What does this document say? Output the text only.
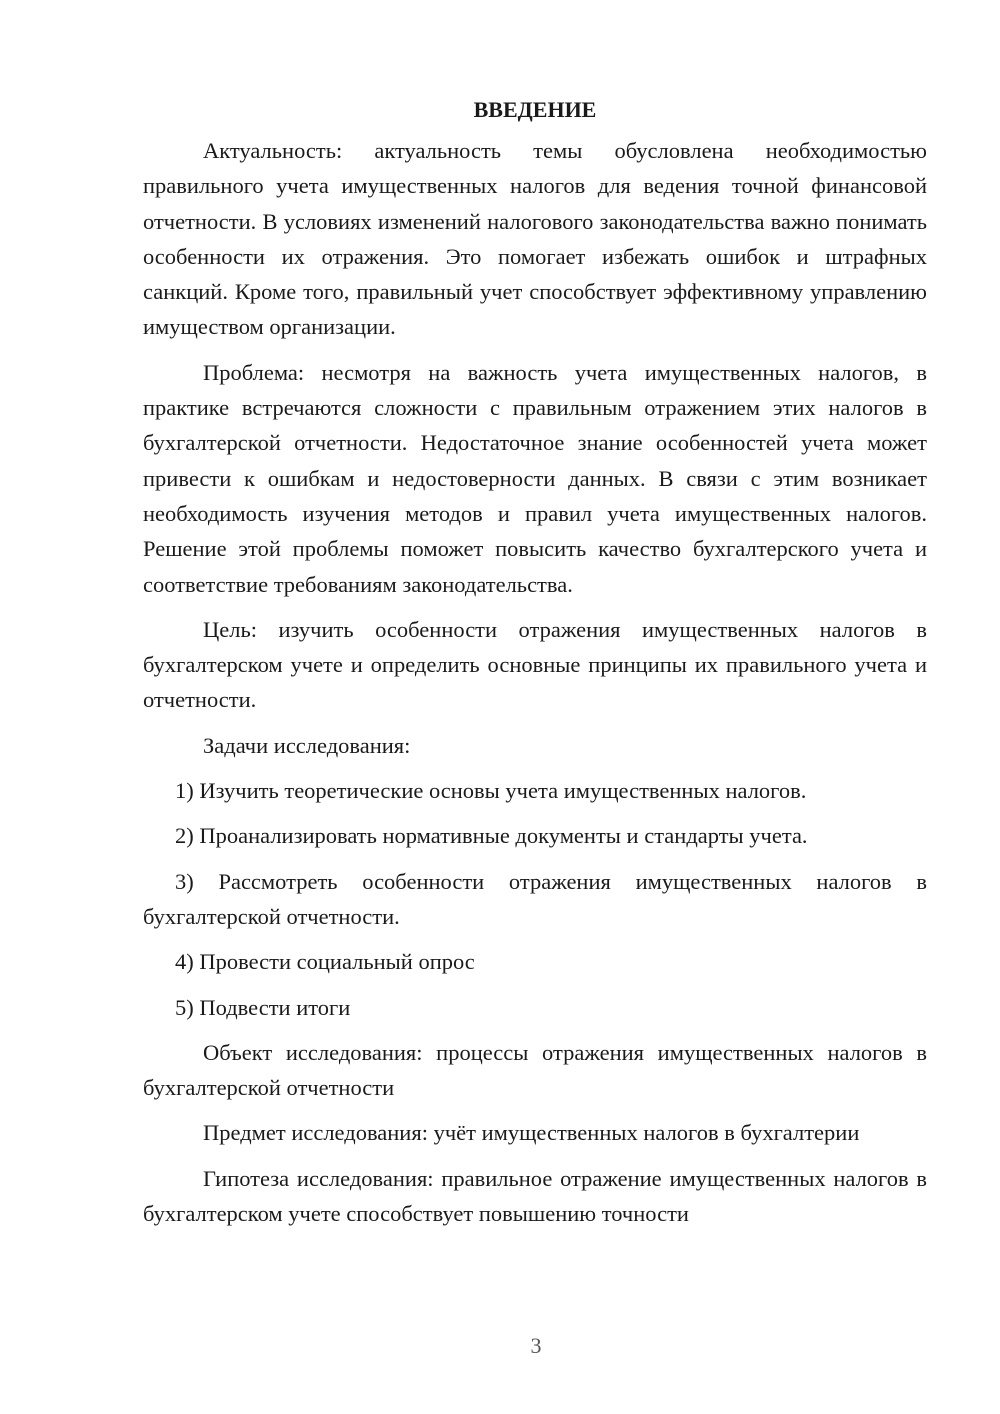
ВВЕДЕНИЕ

Актуальность: актуальность темы обусловлена необходимостью правильного учета имущественных налогов для ведения точной финансовой отчетности. В условиях изменений налогового законодательства важно понимать особенности их отражения. Это помогает избежать ошибок и штрафных санкций. Кроме того, правильный учет способствует эффективному управлению имуществом организации.

Проблема: несмотря на важность учета имущественных налогов, в практике встречаются сложности с правильным отражением этих налогов в бухгалтерской отчетности. Недостаточное знание особенностей учета может привести к ошибкам и недостоверности данных. В связи с этим возникает необходимость изучения методов и правил учета имущественных налогов. Решение этой проблемы поможет повысить качество бухгалтерского учета и соответствие требованиям законодательства.

Цель: изучить особенности отражения имущественных налогов в бухгалтерском учете и определить основные принципы их правильного учета и отчетности.

Задачи исследования:

1) Изучить теоретические основы учета имущественных налогов.

2) Проанализировать нормативные документы и стандарты учета.

3) Рассмотреть особенности отражения имущественных налогов в бухгалтерской отчетности.

4) Провести социальный опрос

5) Подвести итоги

Объект исследования: процессы отражения имущественных налогов в бухгалтерской отчетности

Предмет исследования: учёт имущественных налогов в бухгалтерии

Гипотеза исследования: правильное отражение имущественных налогов в бухгалтерском учете способствует повышению точности

3
